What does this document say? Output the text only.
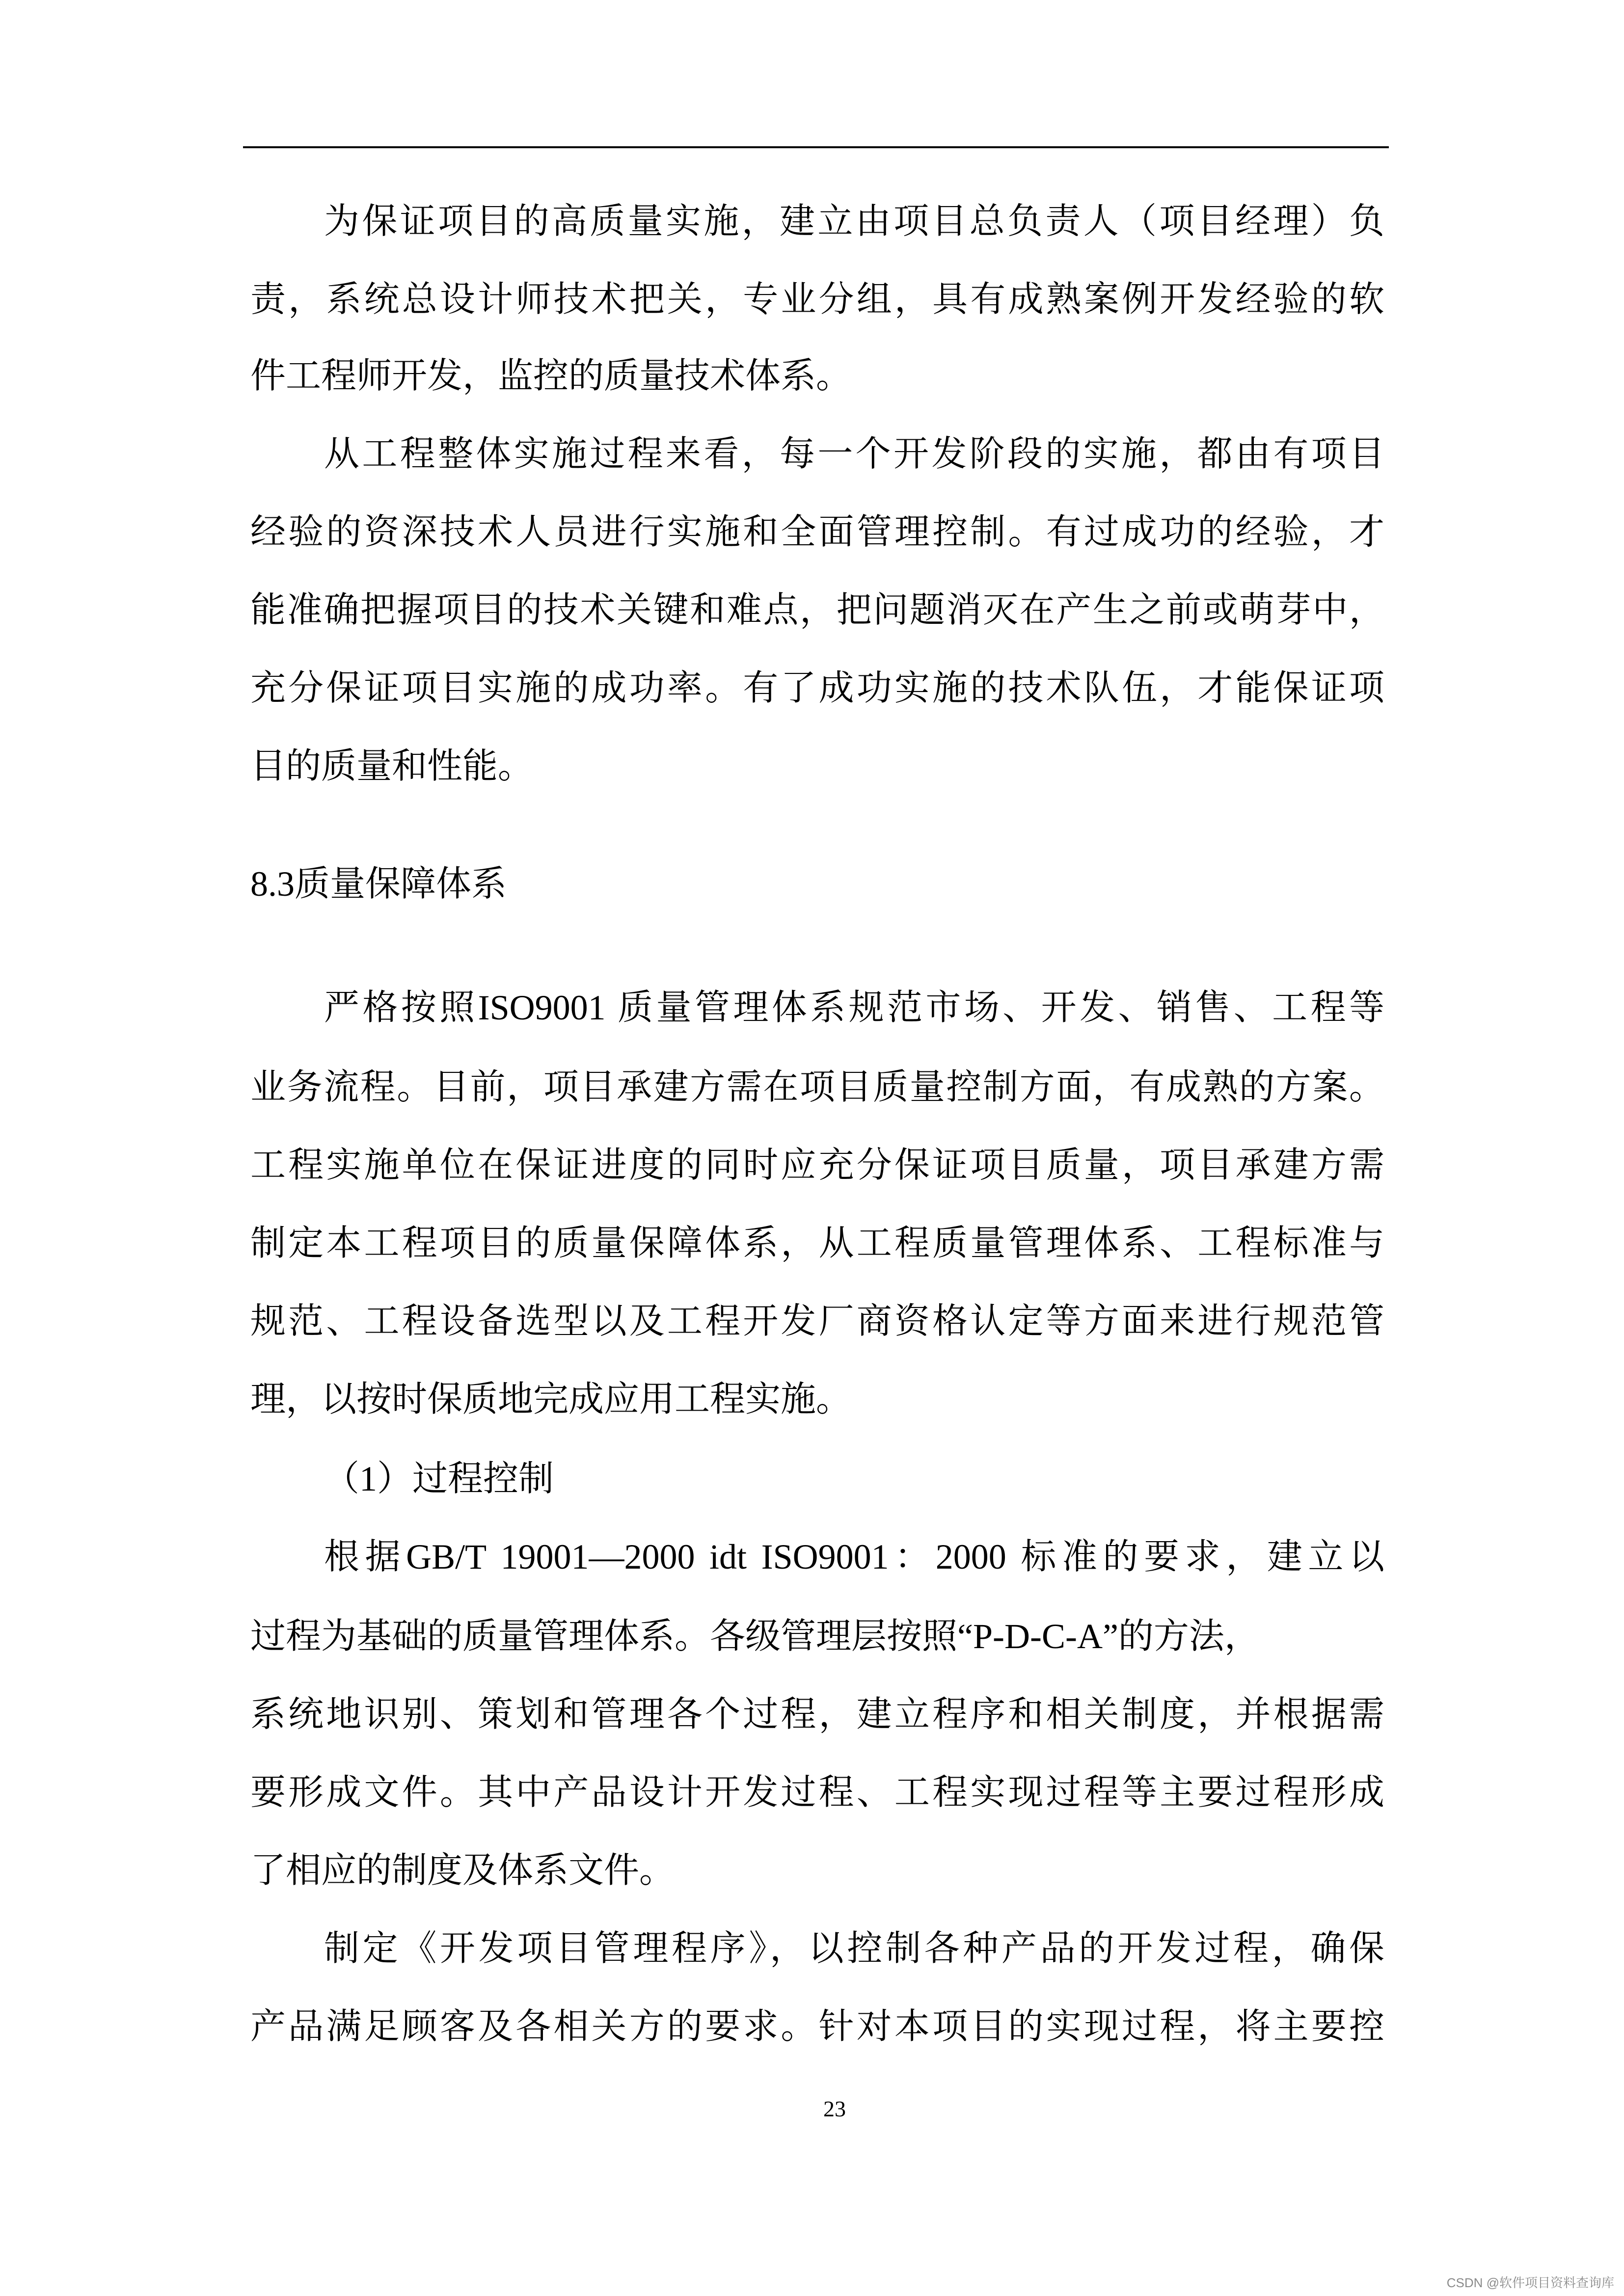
为保证项目的高质量实施，建立由项目总负责人（项目经理）负
责，系统总设计师技术把关，专业分组，具有成熟案例开发经验的软
件工程师开发，监控的质量技术体系。
从工程整体实施过程来看，每一个开发阶段的实施，都由有项目
经验的资深技术人员进行实施和全面管理控制。有过成功的经验，才
能准确把握项目的技术关键和难点，把问题消灭在产生之前或萌芽中，
充分保证项目实施的成功率。有了成功实施的技术队伍，才能保证项
目的质量和性能。
8.3质量保障体系
严格按照ISO9001 质量管理体系规范市场、开发、销售、工程等
业务流程。目前，项目承建方需在项目质量控制方面，有成熟的方案。
工程实施单位在保证进度的同时应充分保证项目质量，项目承建方需
制定本工程项目的质量保障体系，从工程质量管理体系、工程标准与
规范、工程设备选型以及工程开发厂商资格认定等方面来进行规范管
理，以按时保质地完成应用工程实施。
（1）过程控制
根据GB/T 19001—2000 idt ISO9001：2000 标准的要求，建立以
过程为基础的质量管理体系。各级管理层按照“P-D-C-A”的方法，
系统地识别、策划和管理各个过程，建立程序和相关制度，并根据需
要形成文件。其中产品设计开发过程、工程实现过程等主要过程形成
了相应的制度及体系文件。
制定《开发项目管理程序》，以控制各种产品的开发过程，确保
产品满足顾客及各相关方的要求。针对本项目的实现过程，将主要控
23
CSDN @软件项目资料查询库
